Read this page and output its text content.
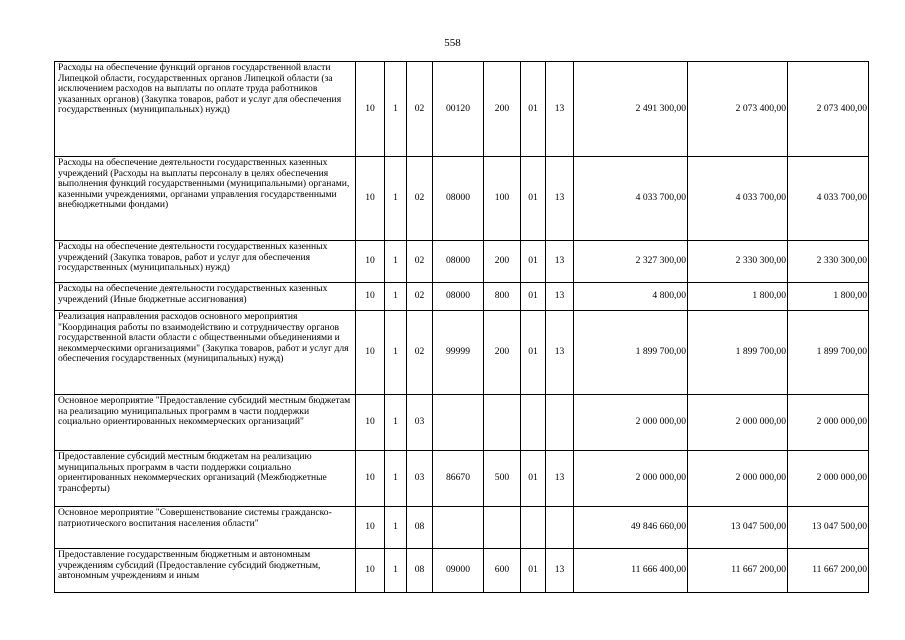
558
Расходы на обеспечение функций органов государственной власти Липецкой области, государственных органов Липецкой области (за исключением расходов на выплаты по оплате труда работников указанных органов) (Закупка товаров, работ и услуг для обеспечения государственных (муниципальных) нужд)	10	1	02	00120	200	01	13	2 491 300,00	2 073 400,00	2 073 400,00
Расходы на обеспечение деятельности государственных казенных учреждений (Расходы на выплаты персоналу в целях обеспечения выполнения функций государственными (муниципальными) органами, казенными учреждениями, органами управления государственными внебюджетными фондами)	10	1	02	08000	100	01	13	4 033 700,00	4 033 700,00	4 033 700,00
Расходы на обеспечение деятельности государственных казенных учреждений (Закупка товаров, работ и услуг для обеспечения государственных (муниципальных) нужд)	10	1	02	08000	200	01	13	2 327 300,00	2 330 300,00	2 330 300,00
Расходы на обеспечение деятельности государственных казенных учреждений (Иные бюджетные ассигнования)	10	1	02	08000	800	01	13	4 800,00	1 800,00	1 800,00
Реализация направления расходов основного мероприятия "Координация работы по взаимодействию и сотрудничеству органов государственной власти области с общественными объединениями и некоммерческими организациями" (Закупка товаров, работ и услуг для обеспечения государственных (муниципальных) нужд)	10	1	02	99999	200	01	13	1 899 700,00	1 899 700,00	1 899 700,00
Основное мероприятие "Предоставление субсидий местным бюджетам на реализацию муниципальных программ в части поддержки социально ориентированных некоммерческих организаций"	10	1	03					2 000 000,00	2 000 000,00	2 000 000,00
Предоставление субсидий местным бюджетам на реализацию муниципальных программ в части поддержки социально ориентированных некоммерческих организаций (Межбюджетные трансферты)	10	1	03	86670	500	01	13	2 000 000,00	2 000 000,00	2 000 000,00
Основное мероприятие "Совершенствование системы гражданско-патриотического воспитания населения области"	10	1	08					49 846 660,00	13 047 500,00	13 047 500,00
Предоставление государственным бюджетным и автономным учреждениям субсидий (Предоставление субсидий бюджетным, автономным учреждениям и иным	10	1	08	09000	600	01	13	11 666 400,00	11 667 200,00	11 667 200,00
